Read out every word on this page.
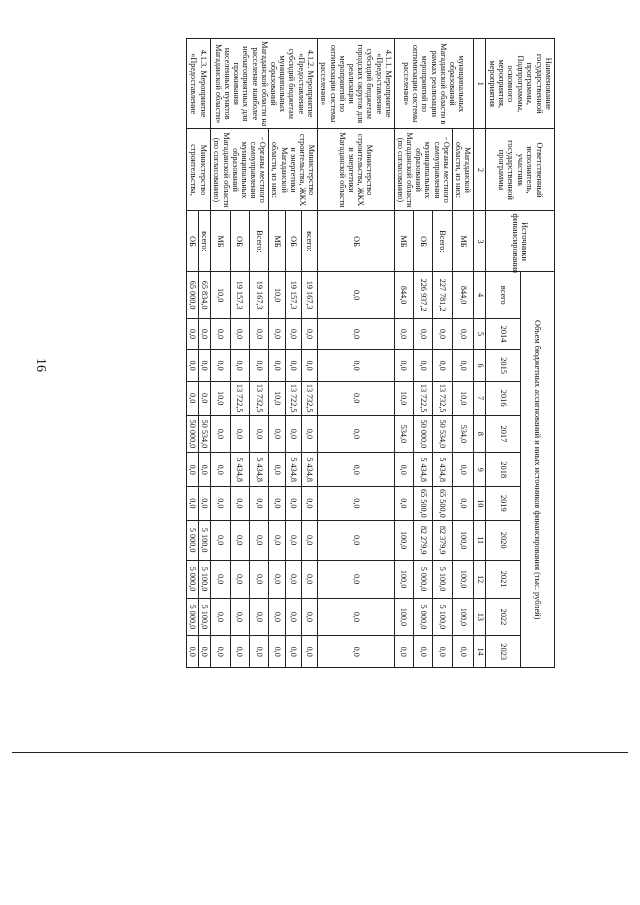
16
Наименование государственной программы, Подпрограммы, основного мероприятия, мероприятия	Ответственный исполнитель, участник государственной программы	Источники финансирования	Объем бюджетных ассигнований и иных источников финансирования (тыс. рублей)										
			всего	2014	2015	2016	2017	2018	2019	2020	2021	2022	2023
1	2	3	4	5	6	7	8	9	10	11	12	13	14
муниципальных образований Магаданской области в рамках реализации мероприятий по оптимизации системы расселения»	Магаданской области, из них:	МБ	844,0	0,0	0,0	10,0	534,0	0,0	0,0	100,0	100,0	100,0	0,0
	- Органы местного самоуправления муниципальных образований Магаданской области (по согласованию)	Всего:	227 781,2	0,0	0,0	13 732,5	50 534,0	5 434,8	65 500,0	82 379,9	5 100,0	5 100,0	0,0
		ОБ	226 937,2	0,0	0,0	13 722,5	50 000,0	5 434,8	65 500,0	82 279,9	5 000,0	5 000,0	0,0
		МБ	844,0	0,0	0,0	10,0	534,0	0,0	0,0	100,0	100,0	100,0	0,0
4.1.1. Мероприятие «Предоставление субсидий бюджетам городских округов для реализации мероприятий по оптимизации системы расселения»	Министерство строительства, ЖКХ и энергетики Магаданской области	ОБ	0,0	0,0	0,0	0,0	0,0	0,0	0,0	0,0	0,0	0,0	0,0
4.1.2. Мероприятие «Предоставление субсидий бюджетам муниципальных образований Магаданской области на расселение наиболее неблагоприятных для проживания населенных пунктов Магаданской области»	Министерство строительства, ЖКХ и энергетики Магаданской области, из них:	всего:	19 167,3	0,0	0,0	13 732,5	0,0	5 434,8	0,0	0,0	0,0	0,0	0,0
		ОБ	19 157,3	0,0	0,0	13 722,5	0,0	5 434,8	0,0	0,0	0,0	0,0	0,0
		МБ	10,0	0,0	0,0	10,0	0,0	0,0	0,0	0,0	0,0	0,0	0,0
	- Органы местного самоуправления муниципальных образований Магаданской области (по согласованию)	Всего:	19 167,3	0,0	0,0	13 732,5	0,0	5 434,8	0,0	0,0	0,0	0,0	0,0
		ОБ	19 157,3	0,0	0,0	13 722,5	0,0	5 434,8	0,0	0,0	0,0	0,0	0,0
		МБ	10,0	0,0	0,0	10,0	0,0	0,0	0,0	0,0	0,0	0,0	0,0
4.1.3. Мероприятие «Предоставление	Министерство строительства,	всего:	65 834,0	0,0	0,0	0,0	50 534,0	0,0	0,0	5 100,0	5 100,0	5 100,0	0,0
		ОБ	65 000,0	0,0	0,0	0,0	50 000,0	0,0	0,0	5 000,0	5 000,0	5 000,0	0,0
